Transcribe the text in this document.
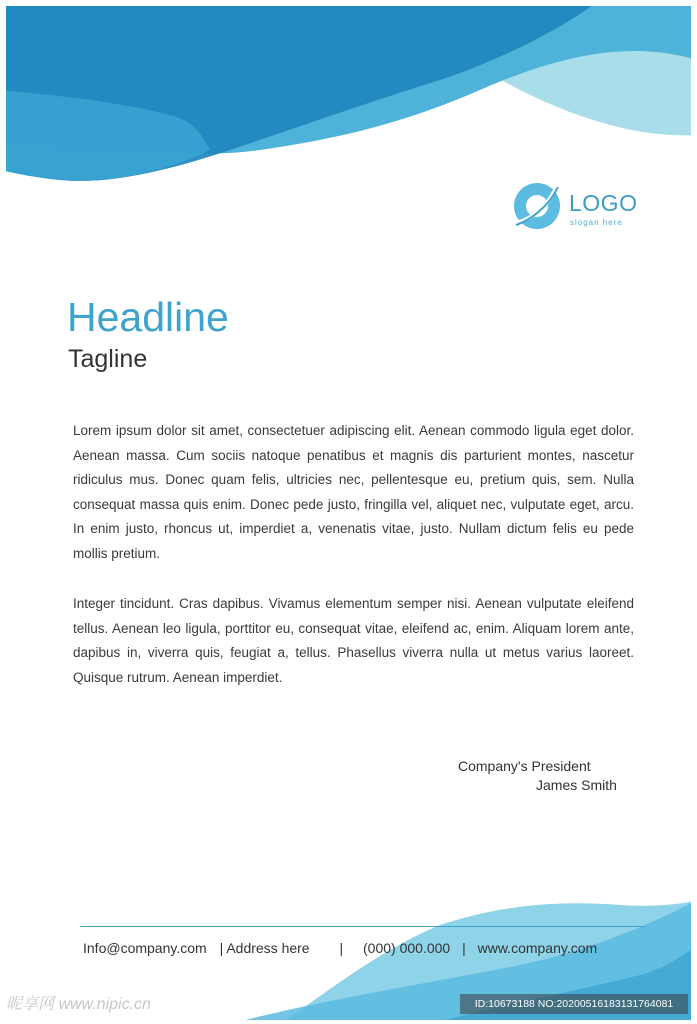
LOGO
slogan here
Headline
Tagline

Lorem ipsum dolor sit amet, consectetuer adipiscing elit. Aenean commodo ligula eget dolor. Aenean massa. Cum sociis natoque penatibus et magnis dis parturient montes, nascetur ridiculus mus. Donec quam felis, ultricies nec, pellentesque eu, pretium quis, sem. Nulla consequat massa quis enim. Donec pede justo, fringilla vel, aliquet nec, vulputate eget, arcu. In enim justo, rhoncus ut, imperdiet a, venenatis vitae, justo. Nullam dictum felis eu pede mollis pretium.

Integer tincidunt. Cras dapibus. Vivamus elementum semper nisi. Aenean vulputate eleifend tellus. Aenean leo ligula, porttitor eu, consequat vitae, eleifend ac, enim. Aliquam lorem ante, dapibus in, viverra quis, feugiat a, tellus. Phasellus viverra nulla ut metus varius laoreet. Quisque rutrum. Aenean imperdiet.

Company's President
James Smith
Info@company.com | Address here | (000) 000.000 | www.company.com
昵享网 www.nipic.cn	ID:10673188 NO:20200516183131764081
